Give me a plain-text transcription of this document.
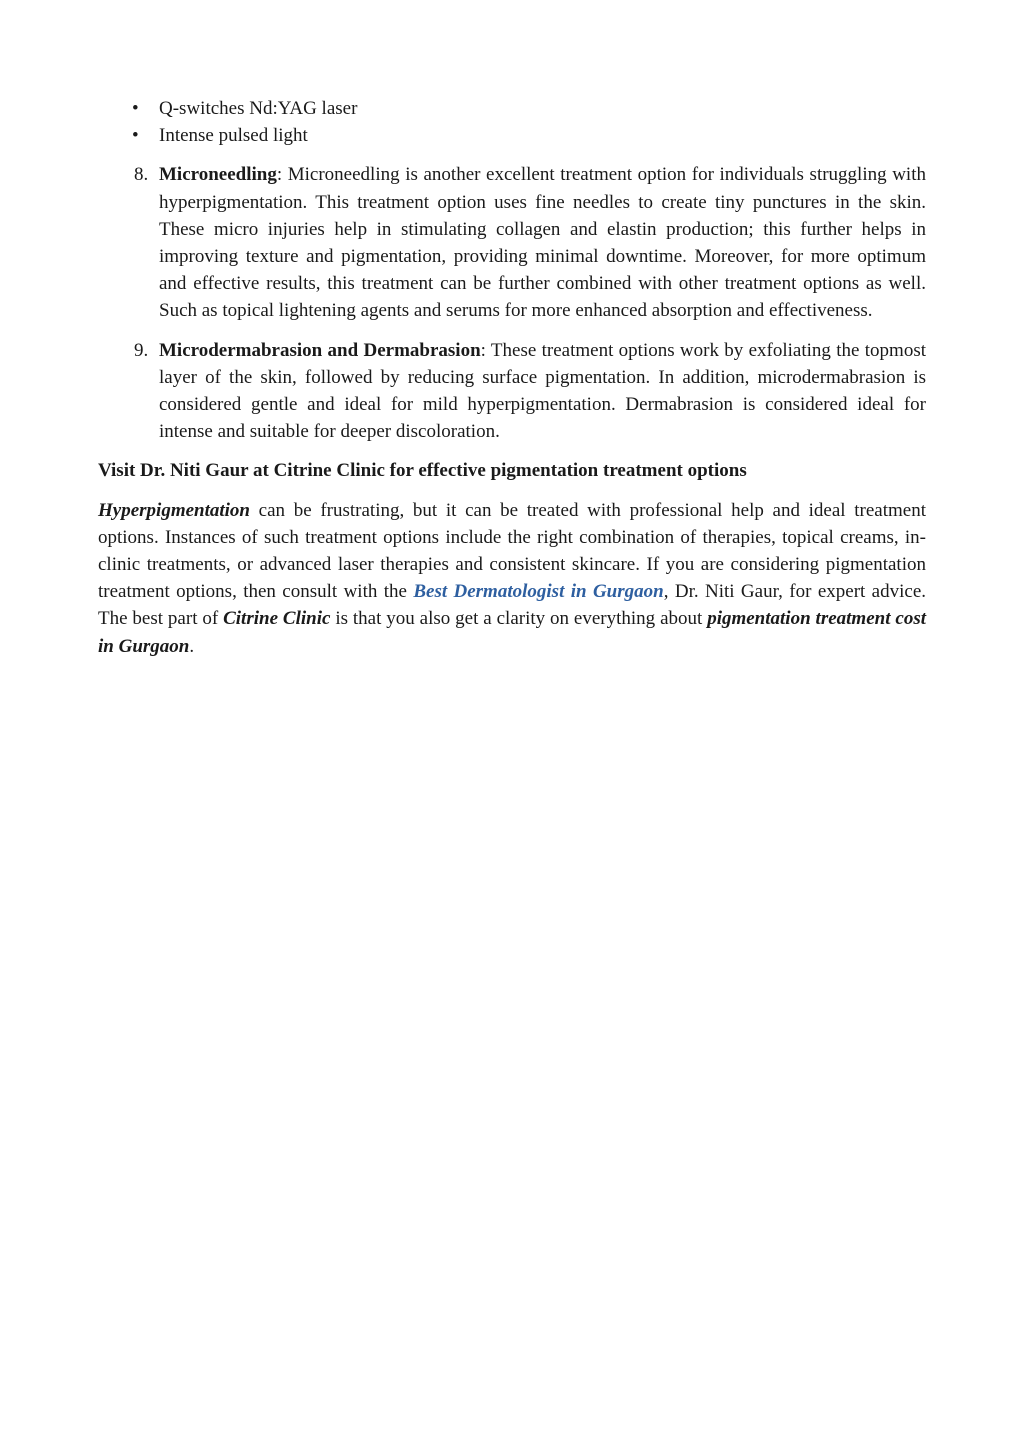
• Q-switches Nd:YAG laser
• Intense pulsed light
8. Microneedling: Microneedling is another excellent treatment option for individuals struggling with hyperpigmentation. This treatment option uses fine needles to create tiny punctures in the skin. These micro injuries help in stimulating collagen and elastin production; this further helps in improving texture and pigmentation, providing minimal downtime. Moreover, for more optimum and effective results, this treatment can be further combined with other treatment options as well. Such as topical lightening agents and serums for more enhanced absorption and effectiveness.
9. Microdermabrasion and Dermabrasion: These treatment options work by exfoliating the topmost layer of the skin, followed by reducing surface pigmentation. In addition, microdermabrasion is considered gentle and ideal for mild hyperpigmentation. Dermabrasion is considered ideal for intense and suitable for deeper discoloration.
Visit Dr. Niti Gaur at Citrine Clinic for effective pigmentation treatment options

Hyperpigmentation can be frustrating, but it can be treated with professional help and ideal treatment options. Instances of such treatment options include the right combination of therapies, topical creams, in-clinic treatments, or advanced laser therapies and consistent skincare. If you are considering pigmentation treatment options, then consult with the Best Dermatologist in Gurgaon, Dr. Niti Gaur, for expert advice. The best part of Citrine Clinic is that you also get a clarity on everything about pigmentation treatment cost in Gurgaon.
